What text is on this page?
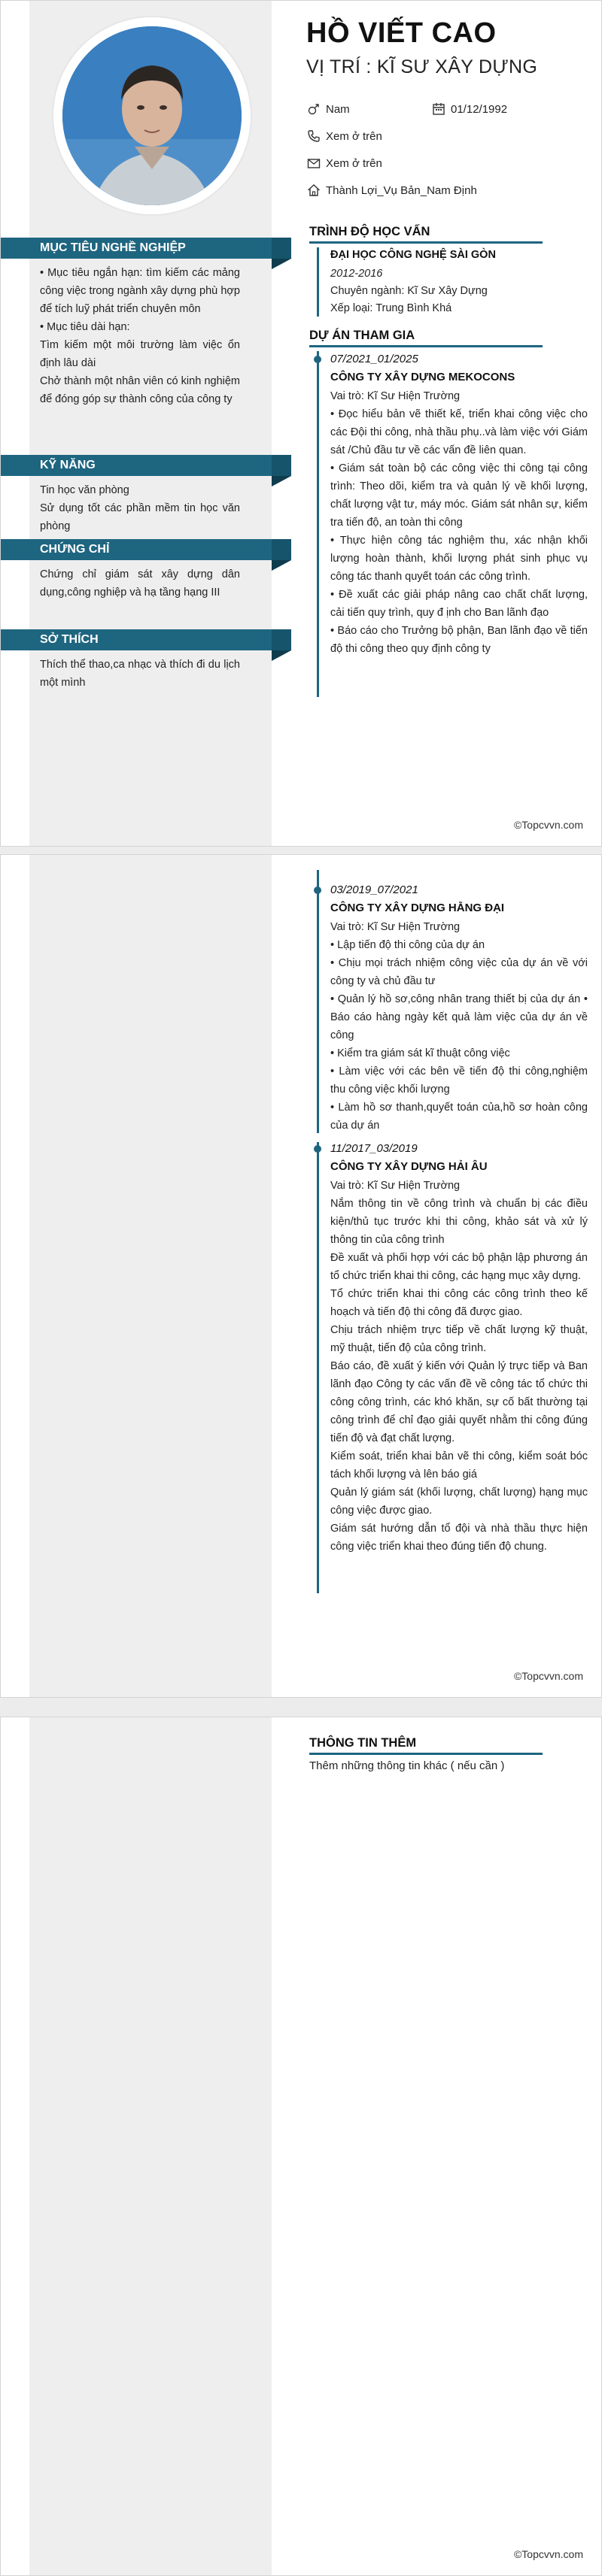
HỒ VIẾT CAO
VỊ TRÍ : KĨ SƯ XÂY DỰNG
Nam	01/12/1992
Xem ở trên
Xem ở trên
Thành Lợi_Vụ Bản_Nam Định
MỤC TIÊU NGHỀ NGHIỆP
• Mục tiêu ngắn hạn: tìm kiếm các mảng công việc trong ngành xây dựng phù hợp để tích luỹ phát triển chuyên môn
• Mục tiêu dài hạn:
Tìm kiếm một môi trường làm việc ổn định lâu dài
Chở thành một nhân viên có kinh nghiệm để đóng góp sự thành công của công ty
KỸ NĂNG
Tin học văn phòng
Sử dụng tốt các phần mềm tin học văn phòng
CHỨNG CHỈ
Chứng chỉ giám sát xây dựng dân dụng,công nghiệp và hạ tầng hạng III
SỞ THÍCH
Thích thể thao,ca nhạc và thích đi du lịch một mình
TRÌNH ĐỘ HỌC VẤN
ĐẠI HỌC CÔNG NGHỆ SÀI GÒN
2012-2016
Chuyên ngành: Kĩ Sư Xây Dựng
Xếp loại: Trung Bình Khá
DỰ ÁN THAM GIA
07/2021_01/2025
CÔNG TY XÂY DỰNG MEKOCONS

Vai trò: Kĩ Sư Hiện Trường

• Đọc hiểu bản vẽ thiết kế, triển khai công việc cho các Đội thi công, nhà thầu phụ..và làm việc với Giám sát /Chủ đầu tư về các vấn đề liên quan.

• Giám sát toàn bộ các công việc thi công tại công trình: Theo dõi, kiểm tra và quản lý về khối lượng, chất lượng vật tư, máy móc. Giám sát nhân sự, kiểm tra tiến độ, an toàn thi công

• Thực hiện công tác nghiệm thu, xác nhận khối lượng hoàn thành, khối lượng phát sinh phục vụ công tác thanh quyết toán các công trình.

• Đề xuất các giải pháp nâng cao chất chất lượng, cải tiến quy trình, quy đ ịnh cho Ban lãnh đạo

• Báo cáo cho Trưởng bộ phận, Ban lãnh đạo về tiến độ thi công theo quy định công ty

©Topcvvn.com
03/2019_07/2021
CÔNG TY XÂY DỰNG HẰNG ĐẠI

Vai trò: Kĩ Sư Hiện Trường

• Lập tiến độ thi công của dự án

• Chịu mọi trách nhiệm công việc của dự án về với công ty và chủ đầu tư

• Quản lý hồ sơ,công nhân trang thiết bị của dự án • Báo cáo hàng ngày kết quả làm việc của dự án về công

• Kiểm tra giám sát kĩ thuật công việc

• Làm việc với các bên về tiến độ thi công,nghiệm thu công việc khối lượng

• Làm hồ sơ thanh,quyết toán của,hồ sơ hoàn công của dự án

11/2017_03/2019
CÔNG TY XÂY DỰNG HẢI ÂU

Vai trò: Kĩ Sư Hiện Trường

Nắm thông tin về công trình và chuẩn bị các điều kiện/thủ tục trước khi thi công, khảo sát và xử lý thông tin của công trình

Đề xuất và phối hợp với các bộ phận lập phương án tổ chức triển khai thi công, các hạng mục xây dựng.

Tổ chức triển khai thi công các công trình theo kế hoạch và tiến độ thi công đã được giao.

Chịu trách nhiệm trực tiếp về chất lượng kỹ thuật, mỹ thuật, tiến độ của công trình.

Báo cáo, đề xuất ý kiến với Quản lý trực tiếp và Ban lãnh đạo Công ty các vấn đề về công tác tổ chức thi công công trình, các khó khăn, sự cố bất thường tại công trình để chỉ đạo giải quyết nhằm thi công đúng tiến độ và đạt chất lượng.

Kiểm soát, triển khai bản vẽ thi công, kiểm soát bóc tách khối lượng và lên báo giá

Quản lý giám sát (khối lượng, chất lượng) hạng mục công việc được giao.

Giám sát hướng dẫn tổ đội và nhà thầu thực hiện công việc triển khai theo đúng tiến độ chung.

©Topcvvn.com
THÔNG TIN THÊM
Thêm những thông tin khác ( nếu cần )
©Topcvvn.com
